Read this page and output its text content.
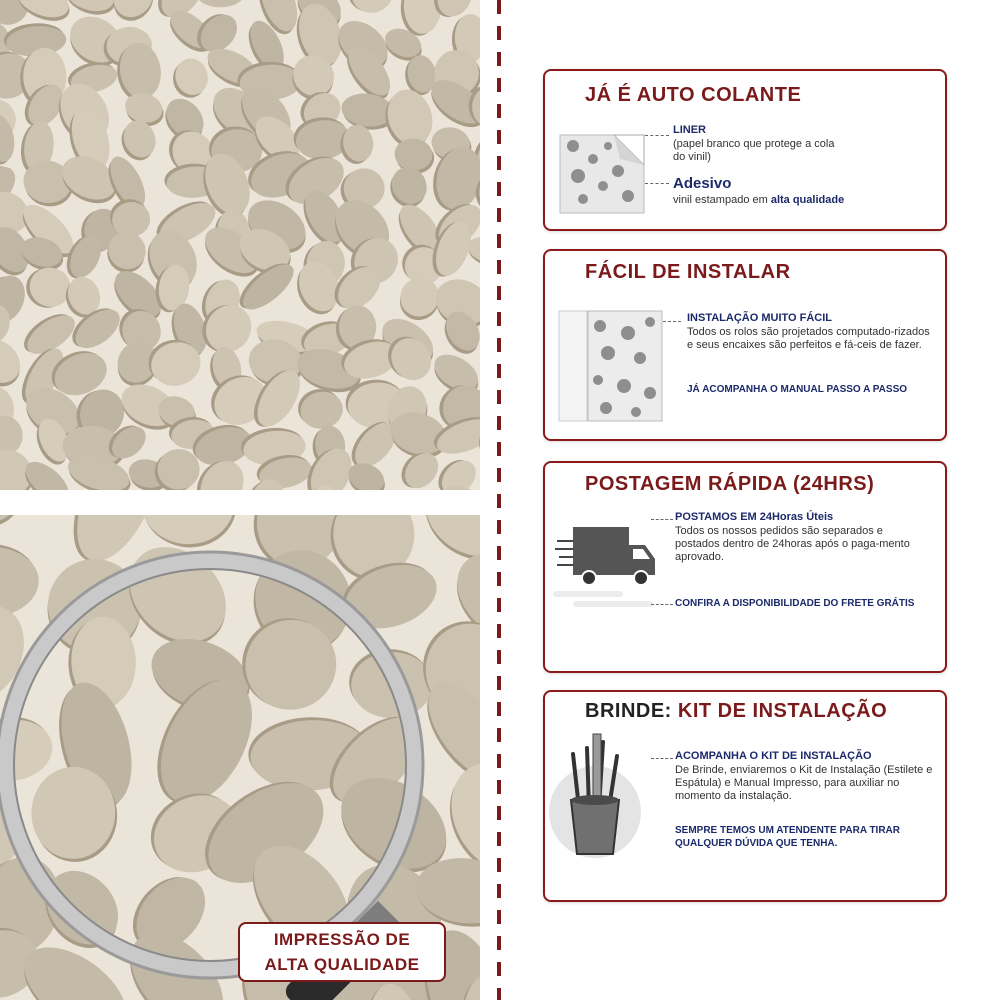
IMPRESSÃO DE
ALTA QUALIDADE
JÁ É AUTO COLANTE
LINER
(papel branco que protege a cola do vinil)
Adesivo
vinil estampado em alta qualidade
FÁCIL DE INSTALAR
INSTALAÇÃO MUITO FÁCIL
Todos os rolos são projetados computado-rizados e seus encaixes são perfeitos e fá-ceis de fazer.
JÁ ACOMPANHA O MANUAL PASSO A PASSO
POSTAGEM RÁPIDA (24HRS)
POSTAMOS EM 24Horas Úteis
Todos os nossos pedidos são separados e postados dentro de 24horas após o paga-mento aprovado.
CONFIRA A DISPONIBILIDADE DO FRETE GRÁTIS
BRINDE: KIT DE INSTALAÇÃO
ACOMPANHA O KIT DE INSTALAÇÃO
De Brinde, enviaremos o Kit de Instalação (Estilete e Espátula) e Manual Impresso, para auxiliar no momento da instalação.
SEMPRE TEMOS UM ATENDENTE PARA TIRAR QUALQUER DÚVIDA QUE TENHA.
